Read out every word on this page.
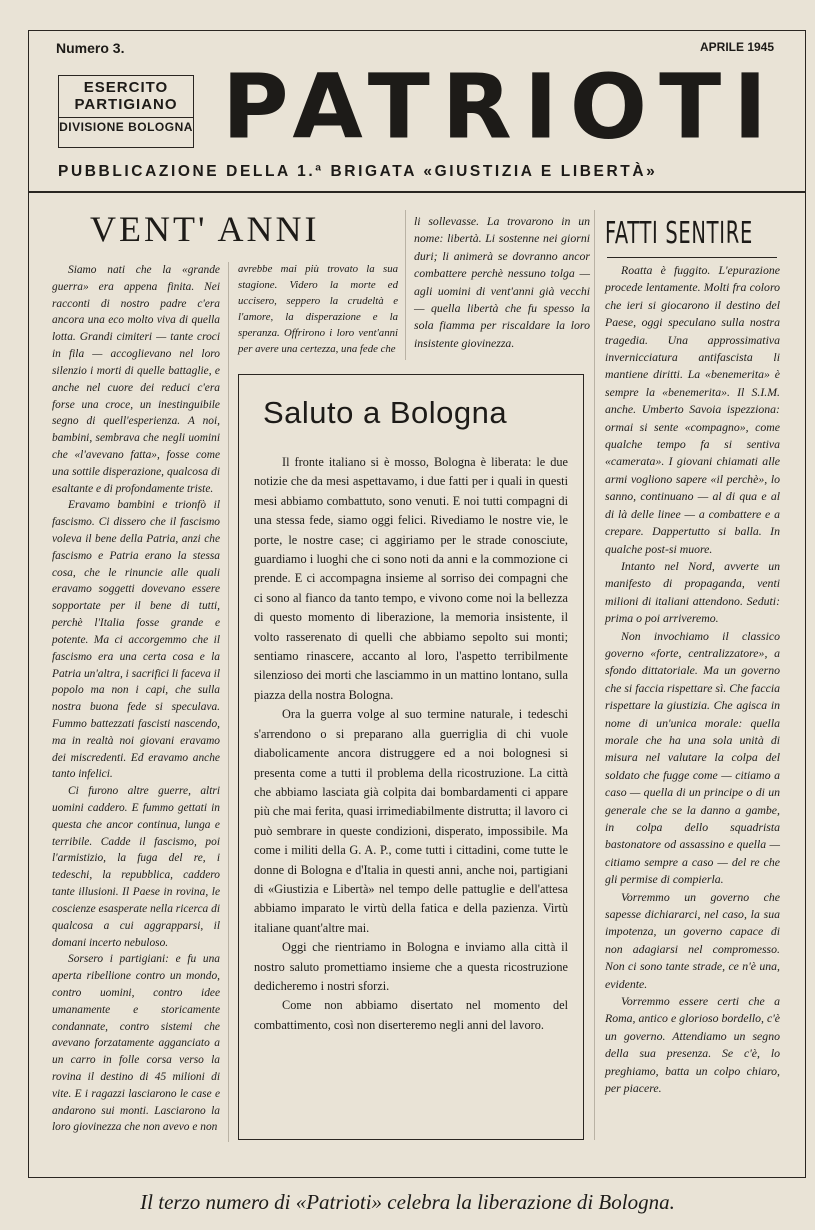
Numero 3.	APRILE 1945
ESERCITO
PARTIGIANO
DIVISIONE BOLOGNA PATRIOTI
PUBBLICAZIONE DELLA 1.ª BRIGATA «GIUSTIZIA E LIBERTÀ»
VENT' ANNI	FATTI SENTIRE

Siamo nati che la «grande guerra» era appena finita. Nei racconti di nostro padre c'era ancora una eco molto viva di quella lotta. Grandi cimiteri — tante croci in fila — accoglievano nel loro silenzio i morti di quelle battaglie, e anche nel cuore dei reduci c'era forse una croce, un inestinguibile segno di quell'esperienza. A noi, bambini, sembrava che negli uomini che «l'avevano fatta», fosse come una sottile disperazione, qualcosa di esaltante e di profondamente triste.

Eravamo bambini e trionfò il fascismo. Ci dissero che il fascismo voleva il bene della Patria, anzi che fascismo e Patria erano la stessa cosa, che le rinuncie alle quali eravamo soggetti dovevano essere sopportate per il bene di tutti, perchè l'Italia fosse grande e potente. Ma ci accorgemmo che il fascismo era una certa cosa e la Patria un'altra, i sacrifici li faceva il popolo ma non i capi, che sulla nostra buona fede si speculava. Fummo battezzati fascisti nascendo, ma in realtà noi giovani eravamo dei miscredenti. Ed eravamo anche tanto infelici.

Ci furono altre guerre, altri uomini caddero. E fummo gettati in questa che ancor continua, lunga e terribile. Cadde il fascismo, poi l'armistizio, la fuga del re, i tedeschi, la repubblica, caddero tante illusioni. Il Paese in rovina, le coscienze esasperate nella ricerca di qualcosa a cui aggrapparsi, il domani incerto nebuloso.

Sorsero i partigiani: e fu una aperta ribellione contro un mondo, contro uomini, contro idee umanamente e storicamente condannate, contro sistemi che avevano forzatamente agganciato a un carro in folle corsa verso la rovina il destino di 45 milioni di vite. E i ragazzi lasciarono le case e andarono sui monti. Lasciarono la loro giovinezza che non avevo e non

avrebbe mai più trovato la sua stagione. Videro la morte ed uccisero, seppero la crudeltà e l'amore, la disperazione e la speranza. Offrirono i loro vent'anni per avere una certezza, una fede che

li sollevasse. La trovarono in un nome: libertà. Li sostenne nei giorni duri; li animerà se dovranno ancor combattere perchè nessuno tolga — agli uomini di vent'anni già vecchi — quella libertà che fu spesso la sola fiamma per riscaldare la loro insistente giovinezza.

Saluto a Bologna

Il fronte italiano si è mosso, Bologna è liberata: le due notizie che da mesi aspettavamo, i due fatti per i quali in questi mesi abbiamo combattuto, sono venuti. E noi tutti compagni di una stessa fede, siamo oggi felici. Rivediamo le nostre vie, le porte, le nostre case; ci aggiriamo per le strade conosciute, guardiamo i luoghi che ci sono noti da anni e la commozione ci prende. E ci accompagna insieme al sorriso dei compagni che ci sono al fianco da tanto tempo, e vivono come noi la bellezza di questo momento di liberazione, la memoria insistente, il volto rasserenato di quelli che abbiamo sepolto sui monti; sentiamo rinascere, accanto al loro, l'aspetto terribilmente silenzioso dei morti che lasciammo in un mattino lontano, sulla piazza della nostra Bologna.

Ora la guerra volge al suo termine naturale, i tedeschi s'arrendono o si preparano alla guerriglia di chi vuole diabolicamente ancora distruggere ed a noi bolognesi si presenta come a tutti il problema della ricostruzione. La città che abbiamo lasciata già colpita dai bombardamenti ci appare più che mai ferita, quasi irrimediabilmente distrutta; il lavoro ci può sembrare in queste condizioni, disperato, impossibile. Ma come i militi della G. A. P., come tutti i cittadini, come tutte le donne di Bologna e d'Italia in questi anni, anche noi, partigiani di «Giustizia e Libertà» nel tempo delle pattuglie e dell'attesa abbiamo imparato le virtù della fatica e della pazienza. Virtù italiane quant'altre mai.

Oggi che rientriamo in Bologna e inviamo alla città il nostro saluto promettiamo insieme che a questa ricostruzione dedicheremo i nostri sforzi.

Come non abbiamo disertato nel momento del combattimento, così non diserteremo negli anni del lavoro.

Roatta è fuggito. L'epurazione procede lentamente. Molti fra coloro che ieri si giocarono il destino del Paese, oggi speculano sulla nostra tragedia. Una approssimativa invernicciatura antifascista li mantiene diritti. La «benemerita» è sempre la «benemerita». Il S.I.M. anche. Umberto Savoia ispezziona: ormai si sente «compagno», come qualche tempo fa si sentiva «camerata». I giovani chiamati alle armi vogliono sapere «il perchè», lo sanno, continuano — al di qua e al di là delle linee — a combattere e a crepare. Dappertutto si balla. In qualche post-si muore.

Intanto nel Nord, avverte un manifesto di propaganda, venti milioni di italiani attendono. Seduti: prima o poi arriveremo.

Non invochiamo il classico governo «forte, centralizzatore», a sfondo dittatoriale. Ma un governo che si faccia rispettare sì. Che faccia rispettare la giustizia. Che agisca in nome di un'unica morale: quella morale che ha una sola unità di misura nel valutare la colpa del soldato che fugge come — citiamo a caso — quella di un principe o di un generale che se la danno a gambe, in colpa dello squadrista bastonatore od assassino e quella — citiamo sempre a caso — del re che gli permise di compierla.

Vorremmo un governo che sapesse dichiararci, nel caso, la sua impotenza, un governo capace di non adagiarsi nel compromesso. Non ci sono tante strade, ce n'è una, evidente.

Vorremmo essere certi che a Roma, antico e glorioso bordello, c'è un governo. Attendiamo un segno della sua presenza. Se c'è, lo preghiamo, batta un colpo chiaro, per piacere.

Il terzo numero di «Patrioti» celebra la liberazione di Bologna.
